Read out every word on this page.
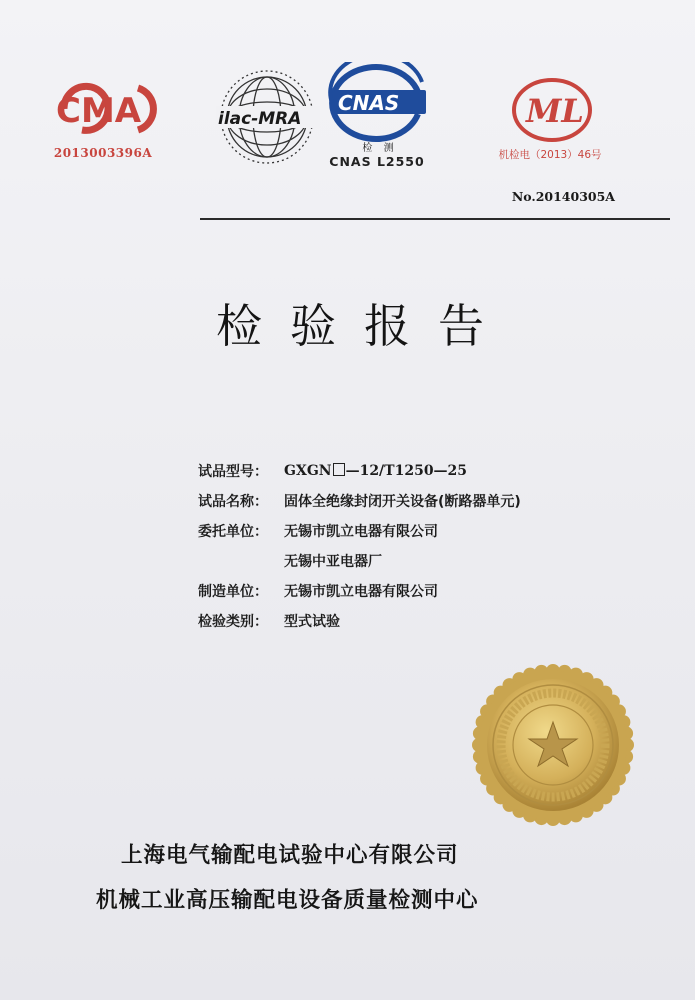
CMA
2013003396A
ilac-MRA
CNAS
检 测
CNAS L2550
ML
机检电（2013）46号
No.20140305A
检验报告
试品型号：	GXGN —12/T1250—25
试品名称：	固体全绝缘封闭开关设备(断路器单元)
委托单位：	无锡市凯立电器有限公司
无锡中亚电器厂
制造单位：	无锡市凯立电器有限公司
检验类别：	型式试验
上海电气输配电试验中心有限公司
机械工业高压输配电设备质量检测中心
